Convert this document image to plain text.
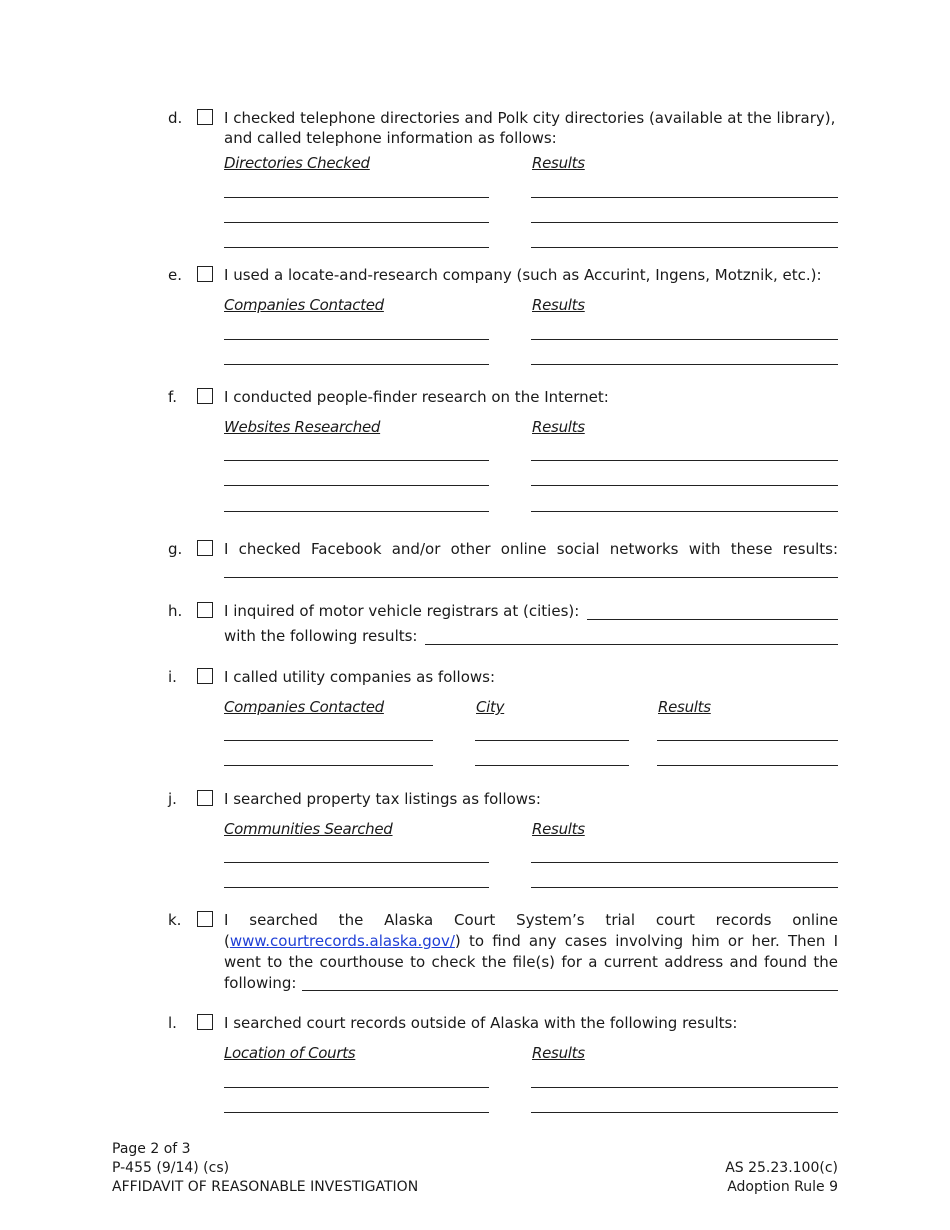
d.	I checked telephone directories and Polk city directories (available at the library),
and called telephone information as follows:
Directories Checked	Results
e.	I used a locate-and-research company (such as Accurint, Ingens, Motznik, etc.):
Companies Contacted	Results
f.	I conducted people-finder research on the Internet:
Websites Researched	Results
g.	I checked Facebook and/or other online social networks with these results:
h.	I inquired of motor vehicle registrars at (cities):
with the following results:
i.	I called utility companies as follows:
Companies Contacted	City	Results
j.	I searched property tax listings as follows:
Communities Searched	Results
k.	I searched the Alaska Court System’s trial court records online
(www.courtrecords.alaska.gov/) to find any cases involving him or her. Then I
went to the courthouse to check the file(s) for a current address and found the
following:
l.	I searched court records outside of Alaska with the following results:
Location of Courts	Results
Page 2 of 3
P-455 (9/14) (cs)
AFFIDAVIT OF REASONABLE INVESTIGATION
AS 25.23.100(c)
Adoption Rule 9
